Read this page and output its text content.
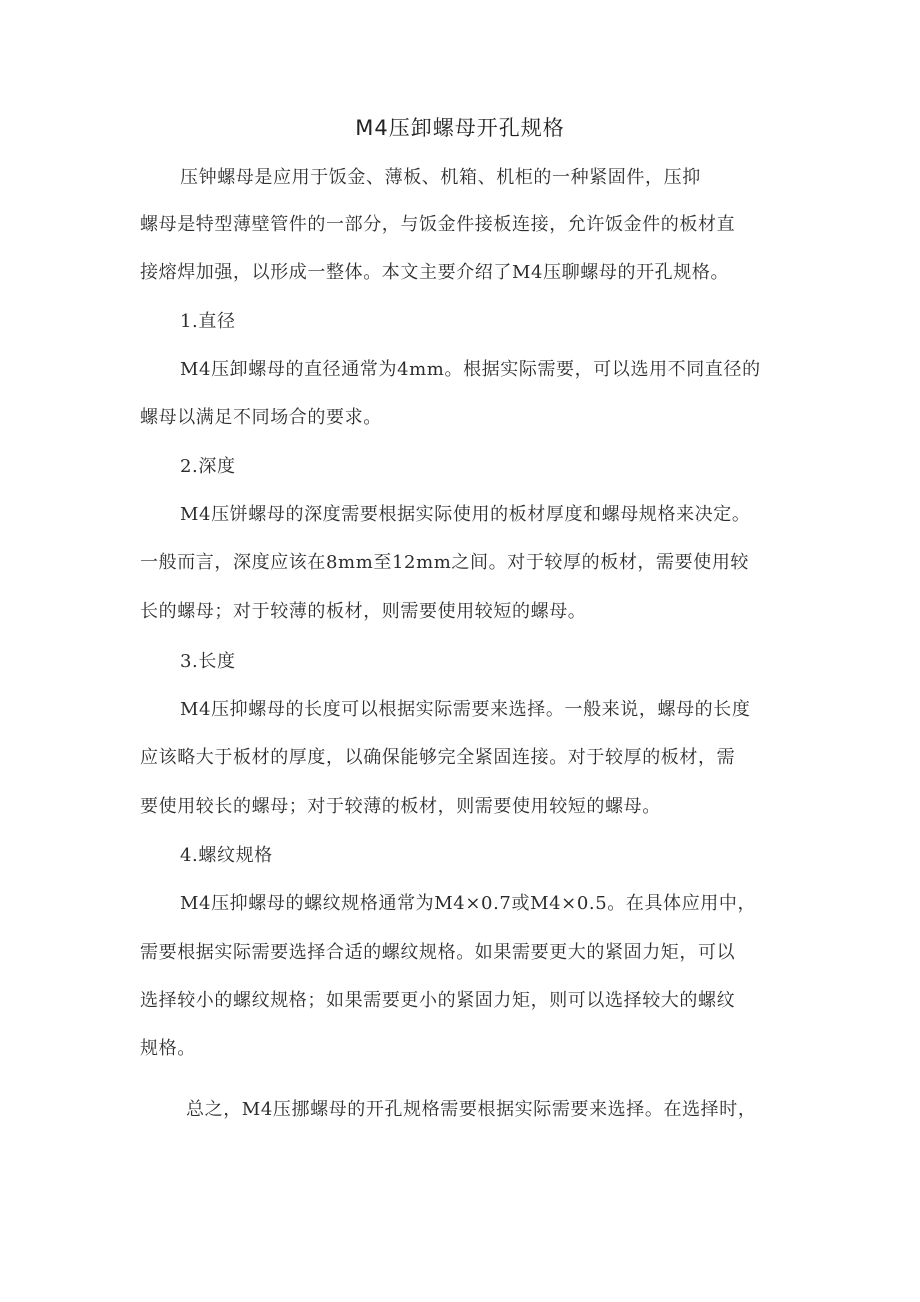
M4压卸螺母开孔规格
压钟螺母是应用于饭金、薄板、机箱、机柜的一种紧固件，压抑
螺母是特型薄壁管件的一部分，与饭金件接板连接，允许饭金件的板材直
接熔焊加强，以形成一整体。本文主要介绍了M4压聊螺母的开孔规格。
1.直径
M4压卸螺母的直径通常为4mm。根据实际需要，可以选用不同直径的
螺母以满足不同场合的要求。
2.深度
M4压饼螺母的深度需要根据实际使用的板材厚度和螺母规格来决定。
一般而言，深度应该在8mm至12mm之间。对于较厚的板材，需要使用较
长的螺母；对于较薄的板材，则需要使用较短的螺母。
3.长度
M4压抑螺母的长度可以根据实际需要来选择。一般来说，螺母的长度
应该略大于板材的厚度，以确保能够完全紧固连接。对于较厚的板材，需
要使用较长的螺母；对于较薄的板材，则需要使用较短的螺母。
4.螺纹规格
M4压抑螺母的螺纹规格通常为M4×0.7或M4×0.5。在具体应用中，
需要根据实际需要选择合适的螺纹规格。如果需要更大的紧固力矩，可以
选择较小的螺纹规格；如果需要更小的紧固力矩，则可以选择较大的螺纹
规格。
总之，M4压挪螺母的开孔规格需要根据实际需要来选择。在选择时，
